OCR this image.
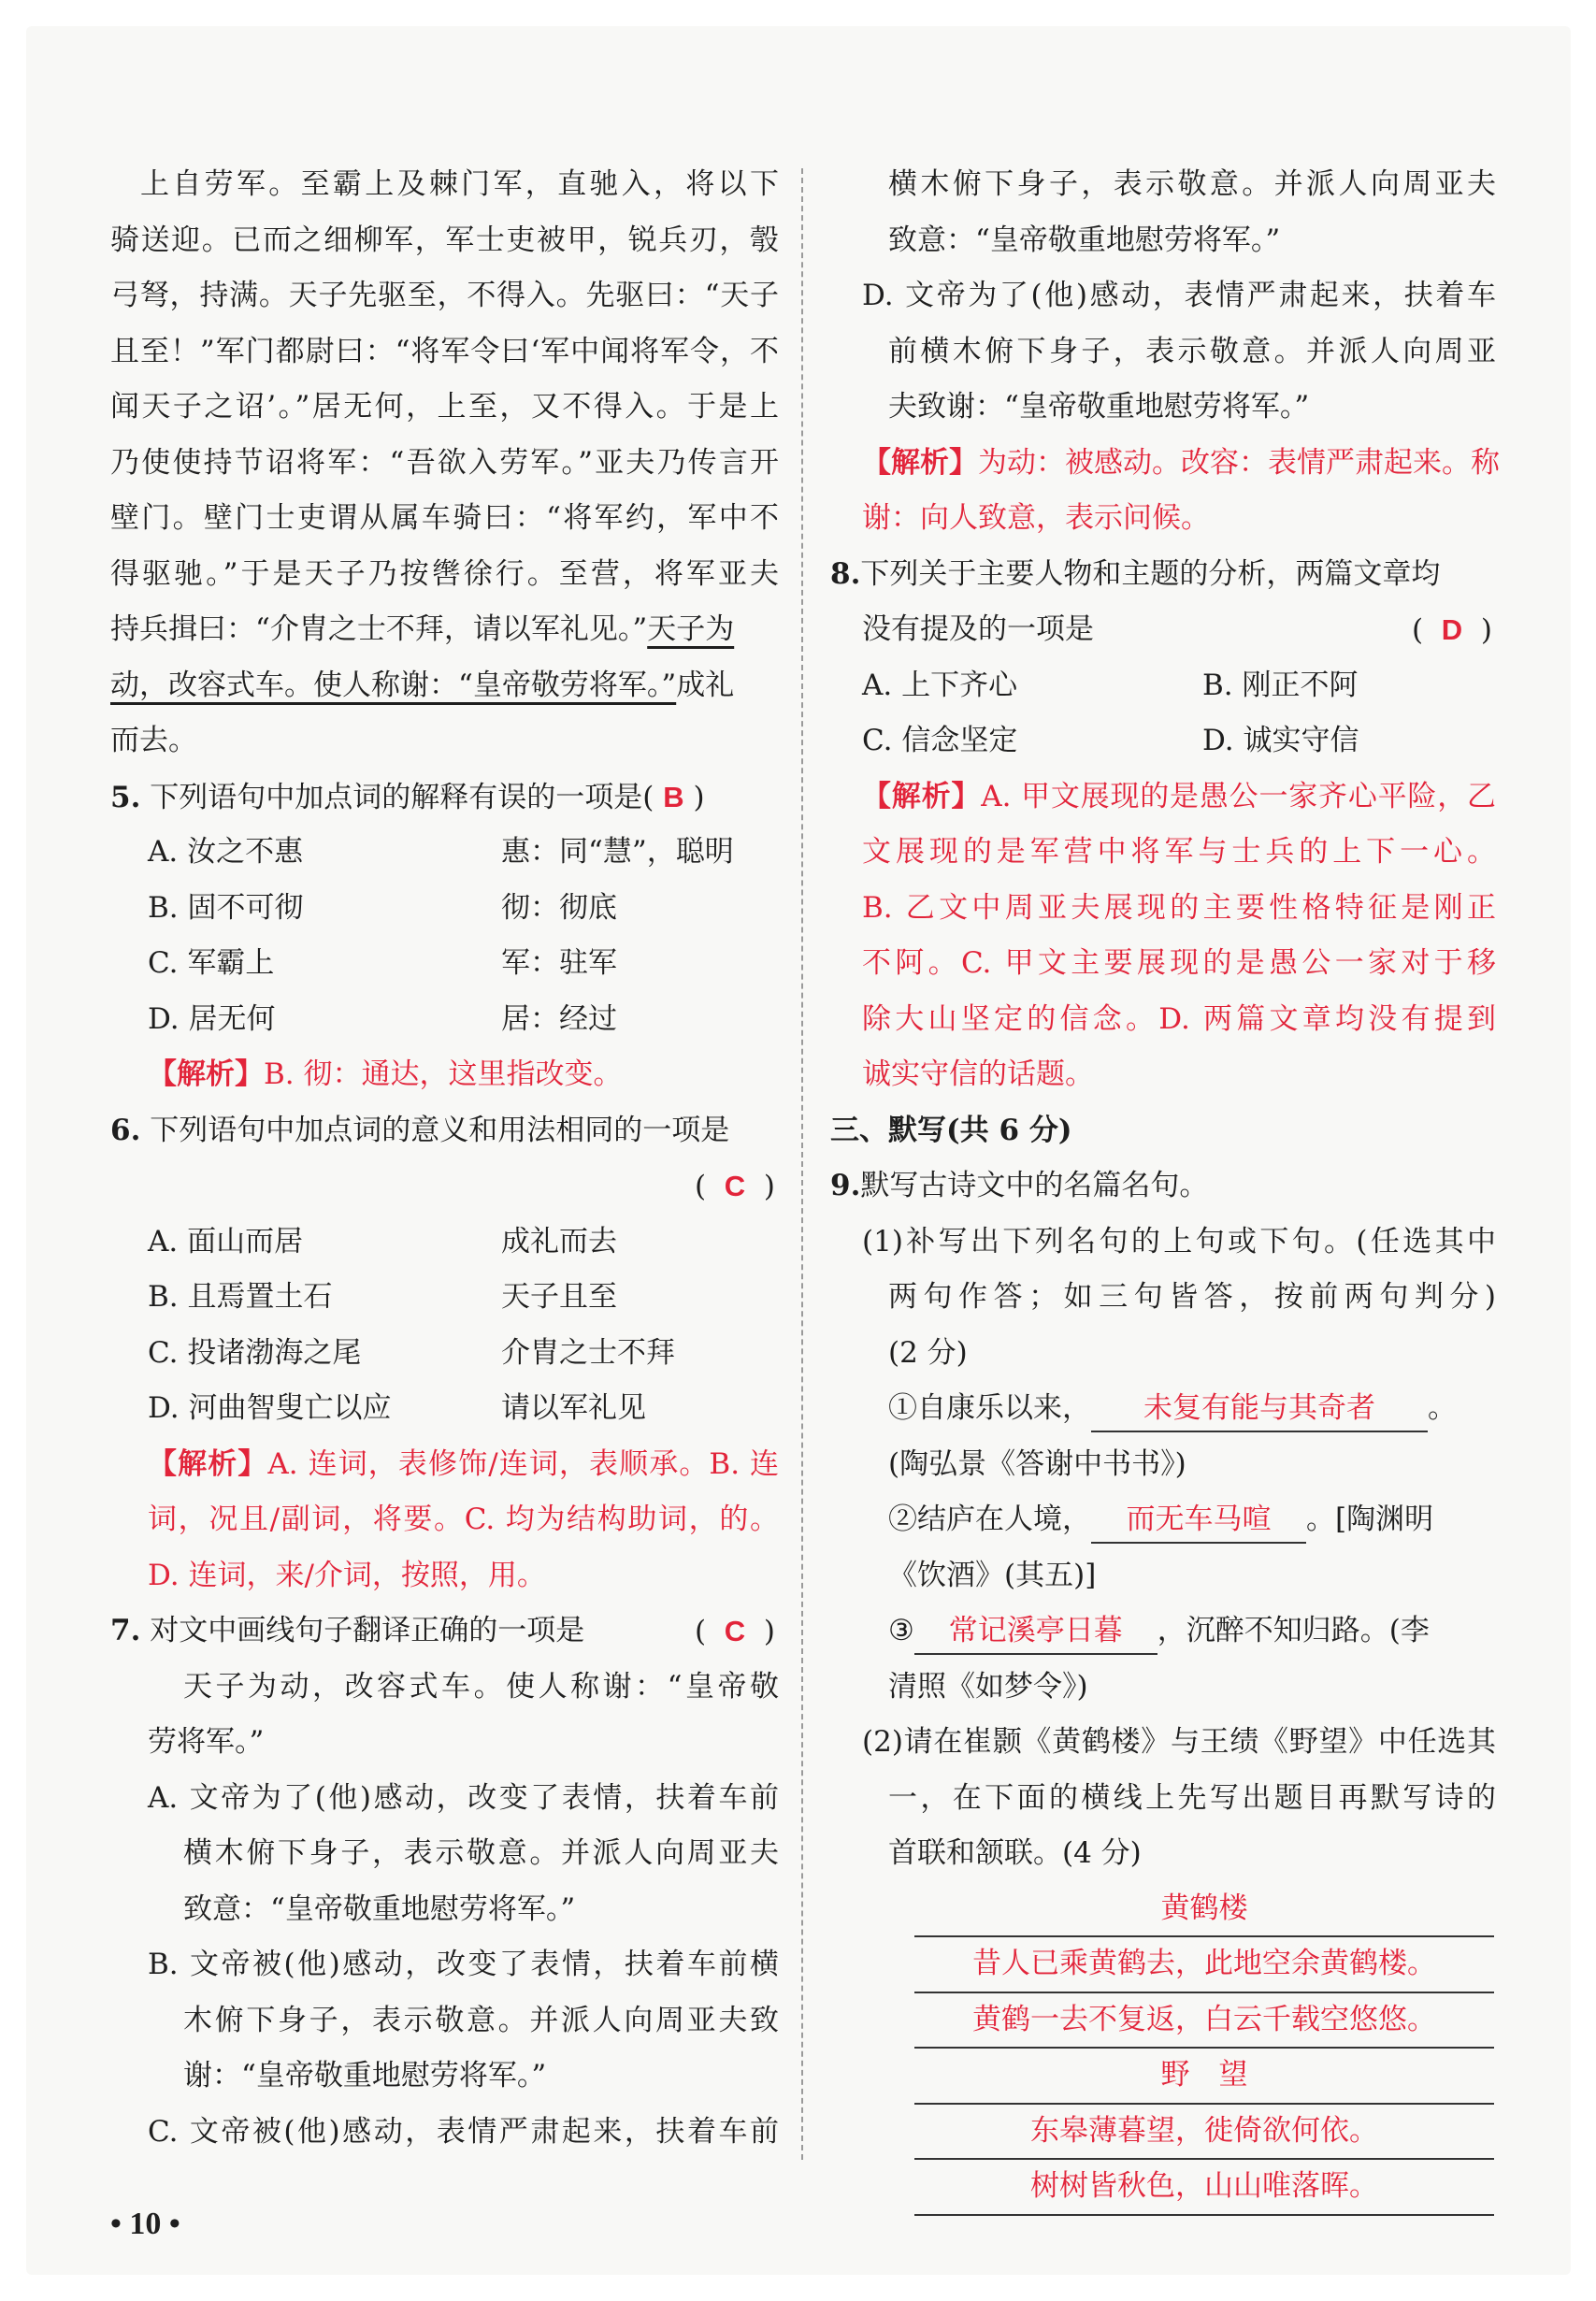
上自劳军。至霸上及棘门军，直驰入，将以下
骑送迎。已而之细柳军，军士吏被甲，锐兵刃，彀
弓弩，持满。天子先驱至，不得入。先驱曰：“天子
且至！”军门都尉曰：“将军令曰‘军中闻将军令，不
闻天子之诏’。”居无何，上至，又不得入。于是上
乃使使持节诏将军：“吾欲入劳军。”亚夫乃传言开
壁门。壁门士吏谓从属车骑曰：“将军约，军中不
得驱驰。”于是天子乃按辔徐行。至营，将军亚夫
持兵揖曰：“介胄之士不拜，请以军礼见。”天子为
动，改容式车。使人称谢：“皇帝敬劳将军。”成礼
而去。
5. 下列语句中加点词的解释有误的一项是( B )
A. 汝之不惠	惠：同“慧”，聪明
B. 固不可彻	彻：彻底
C. 军霸上	军：驻军
D. 居无何	居：经过
【解析】B. 彻：通达，这里指改变。
6. 下列语句中加点词的意义和用法相同的一项是
( C )
A. 面山而居	成礼而去
B. 且焉置土石	天子且至
C. 投诸渤海之尾	介胄之士不拜
D. 河曲智叟亡以应	请以军礼见
【解析】A. 连词，表修饰/连词，表顺承。B. 连
词，况且/副词，将要。C. 均为结构助词，的。
D. 连词，来/介词，按照，用。
7. 对文中画线句子翻译正确的一项是	( C )
天子为动，改容式车。使人称谢：“皇帝敬
劳将军。”
A. 文帝为了(他)感动，改变了表情，扶着车前
横木俯下身子，表示敬意。并派人向周亚夫
致意：“皇帝敬重地慰劳将军。”
B. 文帝被(他)感动，改变了表情，扶着车前横
木俯下身子，表示敬意。并派人向周亚夫致
谢：“皇帝敬重地慰劳将军。”
C. 文帝被(他)感动，表情严肃起来，扶着车前
横木俯下身子，表示敬意。并派人向周亚夫
致意：“皇帝敬重地慰劳将军。”
D. 文帝为了(他)感动，表情严肃起来，扶着车
前横木俯下身子，表示敬意。并派人向周亚
夫致谢：“皇帝敬重地慰劳将军。”
【解析】为动：被感动。改容：表情严肃起来。称
谢：向人致意，表示问候。
8.下列关于主要人物和主题的分析，两篇文章均
没有提及的一项是	( D )
A. 上下齐心	B. 刚正不阿
C. 信念坚定	D. 诚实守信
【解析】A. 甲文展现的是愚公一家齐心平险，乙
文展现的是军营中将军与士兵的上下一心。
B. 乙文中周亚夫展现的主要性格特征是刚正
不阿。C. 甲文主要展现的是愚公一家对于移
除大山坚定的信念。D. 两篇文章均没有提到
诚实守信的话题。
三、默写(共 6 分)
9.默写古诗文中的名篇名句。
(1)补写出下列名句的上句或下句。(任选其中
两句作答；如三句皆答，按前两句判分)
(2 分)
①自康乐以来， 未复有能与其奇者 。
(陶弘景《答谢中书书》)
②结庐在人境， 而无车马喧 。[陶渊明
《饮酒》(其五)]
③ 常记溪亭日暮 ，沉醉不知归路。(李
清照《如梦令》)
(2)请在崔颢《黄鹤楼》与王绩《野望》中任选其
一，在下面的横线上先写出题目再默写诗的
首联和颔联。(4 分)
黄鹤楼
昔人已乘黄鹤去，此地空余黄鹤楼。
黄鹤一去不复返，白云千载空悠悠。
野　望
东皋薄暮望，徙倚欲何依。
树树皆秋色，山山唯落晖。
• 10 •
